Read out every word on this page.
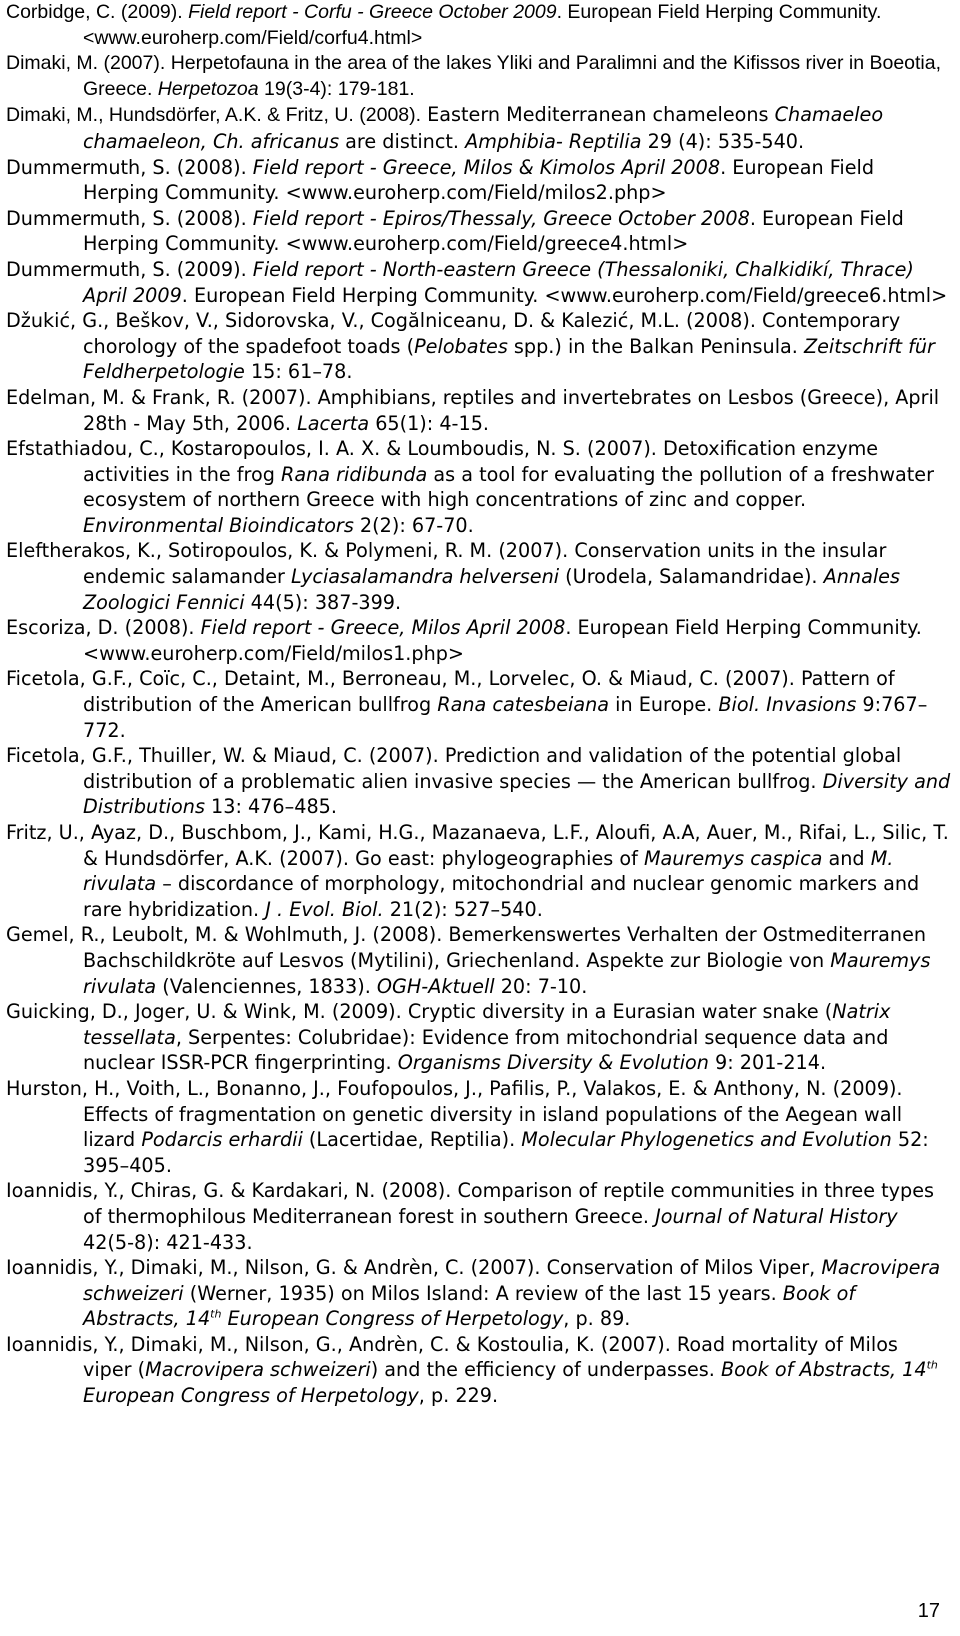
Corbidge, C. (2009). Field report - Corfu - Greece October 2009. European Field Herping Community. <www.euroherp.com/Field/corfu4.html>

Dimaki, M. (2007). Herpetofauna in the area of the lakes Yliki and Paralimni and the Kifissos river in Boeotia, Greece. Herpetozoa 19(3-4): 179-181.

Dimaki, M., Hundsdörfer, A.K. & Fritz, U. (2008). Eastern Mediterranean chameleons Chamaeleo chamaeleon, Ch. africanus are distinct. Amphibia- Reptilia 29 (4): 535-540.

Dummermuth, S. (2008). Field report - Greece, Milos & Kimolos April 2008. European Field Herping Community. <www.euroherp.com/Field/milos2.php>

Dummermuth, S. (2008). Field report - Epiros/Thessaly, Greece October 2008. European Field Herping Community. <www.euroherp.com/Field/greece4.html>

Dummermuth, S. (2009). Field report - North-eastern Greece (Thessaloniki, Chalkidikí, Thrace) April 2009. European Field Herping Community. <www.euroherp.com/Field/greece6.html>

Džukić, G., Beškov, V., Sidorovska, V., Cogălniceanu, D. & Kalezić, M.L. (2008). Contemporary chorology of the spadefoot toads (Pelobates spp.) in the Balkan Peninsula. Zeitschrift für Feldherpetologie 15: 61–78.

Edelman, M. & Frank, R. (2007). Amphibians, reptiles and invertebrates on Lesbos (Greece), April 28th - May 5th, 2006. Lacerta 65(1): 4-15.

Efstathiadou, C., Kostaropoulos, I. A. X. & Loumboudis, N. S. (2007). Detoxification enzyme activities in the frog Rana ridibunda as a tool for evaluating the pollution of a freshwater ecosystem of northern Greece with high concentrations of zinc and copper. Environmental Bioindicators 2(2): 67-70.

Eleftherakos, K., Sotiropoulos, K. & Polymeni, R. M. (2007). Conservation units in the insular endemic salamander Lyciasalamandra helverseni (Urodela, Salamandridae). Annales Zoologici Fennici 44(5): 387-399.

Escoriza, D. (2008). Field report - Greece, Milos April 2008. European Field Herping Community. <www.euroherp.com/Field/milos1.php>

Ficetola, G.F., Coïc, C., Detaint, M., Berroneau, M., Lorvelec, O. & Miaud, C. (2007). Pattern of distribution of the American bullfrog Rana catesbeiana in Europe. Biol. Invasions 9:767– 772.

Ficetola, G.F., Thuiller, W. & Miaud, C. (2007). Prediction and validation of the potential global distribution of a problematic alien invasive species — the American bullfrog. Diversity and Distributions 13: 476–485.

Fritz, U., Ayaz, D., Buschbom, J., Kami, H.G., Mazanaeva, L.F., Aloufi, A.A, Auer, M., Rifai, L., Silic, T. & Hundsdörfer, A.K. (2007). Go east: phylogeographies of Mauremys caspica and M. rivulata – discordance of morphology, mitochondrial and nuclear genomic markers and rare hybridization. J . Evol. Biol. 21(2): 527–540.

Gemel, R., Leubolt, M. & Wohlmuth, J. (2008). Bemerkenswertes Verhalten der Ostmediterranen Bachschildkröte auf Lesvos (Mytilini), Griechenland. Aspekte zur Biologie von Mauremys rivulata (Valenciennes, 1833). OGH-Aktuell 20: 7-10.

Guicking, D., Joger, U. & Wink, M. (2009). Cryptic diversity in a Eurasian water snake (Natrix tessellata, Serpentes: Colubridae): Evidence from mitochondrial sequence data and nuclear ISSR-PCR fingerprinting. Organisms Diversity & Evolution 9: 201-214.

Hurston, H., Voith, L., Bonanno, J., Foufopoulos, J., Pafilis, P., Valakos, E. & Anthony, N. (2009). Effects of fragmentation on genetic diversity in island populations of the Aegean wall lizard Podarcis erhardii (Lacertidae, Reptilia). Molecular Phylogenetics and Evolution 52: 395–405.

Ioannidis, Y., Chiras, G. & Kardakari, N. (2008). Comparison of reptile communities in three types of thermophilous Mediterranean forest in southern Greece. Journal of Natural History 42(5-8): 421-433.

Ioannidis, Y., Dimaki, M., Nilson, G. & Andrèn, C. (2007). Conservation of Milos Viper, Macrovipera schweizeri (Werner, 1935) on Milos Island: A review of the last 15 years. Book of Abstracts, 14th European Congress of Herpetology, p. 89.

Ioannidis, Y., Dimaki, M., Nilson, G., Andrèn, C. & Kostoulia, K. (2007). Road mortality of Milos viper (Macrovipera schweizeri) and the efficiency of underpasses. Book of Abstracts, 14th European Congress of Herpetology, p. 229.

17
